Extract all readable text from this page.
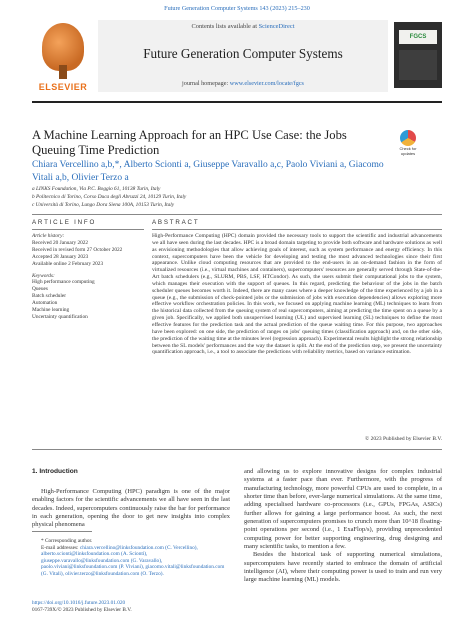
Future Generation Computer Systems 143 (2023) 215–230
ELSEVIER
Contents lists available at ScienceDirect
Future Generation Computer Systems
journal homepage: www.elsevier.com/locate/fgcs
FGCS
A Machine Learning Approach for an HPC Use Case: the Jobs Queuing Time Prediction	Check for
updates
Chiara Vercellino a,b,*, Alberto Scionti a, Giuseppe Varavallo a,c, Paolo Viviani a, Giacomo Vitali a,b, Olivier Terzo a
a LINKS Foundation, Via P.C. Boggio 61, 10138 Turin, Italy
b Politecnico di Torino, Corso Duca degli Abruzzi 24, 10129 Turin, Italy
c Università di Torino, Lungo Dora Siena 100A, 10153 Turin, Italy
ARTICLE INFO	ABSTRACT
Article history:
Received 20 January 2022
Received in revised form 27 October 2022
Accepted 28 January 2023
Available online 2 February 2023
Keywords:
High performance computing
Queues
Batch scheduler
Automation
Machine learning
Uncertainty quantification
High-Performance Computing (HPC) domain provided the necessary tools to support the scientific and industrial advancements we all have seen during the last decades. HPC is a broad domain targeting to provide both software and hardware solutions as well as envisioning methodologies that allow achieving goals of interest, such as system performance and energy efficiency. In this context, supercomputers have been the vehicle for developing and testing the most advanced technologies since their first appearance. Unlike cloud computing resources that are provided to the end-users in an on-demand fashion in the form of virtualized resources (i.e., virtual machines and containers), supercomputers' resources are generally served through State-of-the-Art batch schedulers (e.g., SLURM, PBS, LSF, HTCondor). As such, the users submit their computational jobs to the system, which manages their execution with the support of queues. In this regard, predicting the behaviour of the jobs in the batch scheduler queues becomes worth it. Indeed, there are many cases where a deeper knowledge of the time experienced by a job in a queue (e.g., the submission of check-pointed jobs or the submission of jobs with execution dependencies) allows exploring more effective workflow orchestration policies. In this work, we focused on applying machine learning (ML) techniques to learn from the historical data collected from the queuing system of real supercomputers, aiming at predicting the time spent on a queue by a given job. Specifically, we applied both unsupervised learning (UL) and supervised learning (SL) techniques to define the most effective features for the prediction task and the actual prediction of the queue waiting time. For this purpose, two approaches have been explored: on one side, the prediction of ranges on jobs' queuing times (classification approach) and, on the other side, the prediction of the waiting time at the minutes level (regression approach). Experimental results highlight the strong relationship between the SL models' performances and the way the dataset is split. At the end of the prediction step, we present the uncertainty quantification approach, i.e., a tool to associate the predictions with reliability metrics, based on variance estimation.
© 2023 Published by Elsevier B.V.
1. Introduction
High-Performance Computing (HPC) paradigm is one of the major enabling factors for the scientific advancements we all have seen in the last decades. Indeed, supercomputers continuously raise the bar for performance in each generation, opening the door to get new insights into complex physical phenomena

and allowing us to explore innovative designs for complex industrial systems at a faster pace than ever. Furthermore, with the progress of manufacturing technology, more powerful CPUs are used to complete, in a shorter time than before, ever-large numerical simulations. At the same time, adding specialised hardware co-processors (i.e., GPUs, FPGAs, ASICs) further allows for gaining a large performance boost. As such, the next generation of supercomputers promises to crunch more than 10^18 floating-point operations per second (i.e., 1 ExaFlop/s), providing unprecedented computing power for better supporting engineering, drug designing and many scientific tasks, to mention a few.

Besides the historical task of supporting numerical simulations, supercomputers have recently started to embrace the domain of artificial intelligence (AI), where their computing power is used to train and run very large machine learning (ML) models.

* Corresponding author.
E-mail addresses: chiara.vercellino@linksfoundation.com (C. Vercellino), alberto.scionti@linksfoundation.com (A. Scionti), giuseppe.varavallo@linksfoundation.com (G. Varavallo), paolo.viviani@linksfoundation.com (P. Viviani), giacomo.vitali@linksfoundation.com (G. Vitali), olivier.terzo@linksfoundation.com (O. Terzo).
https://doi.org/10.1016/j.future.2023.01.020
0167-739X/© 2023 Published by Elsevier B.V.
